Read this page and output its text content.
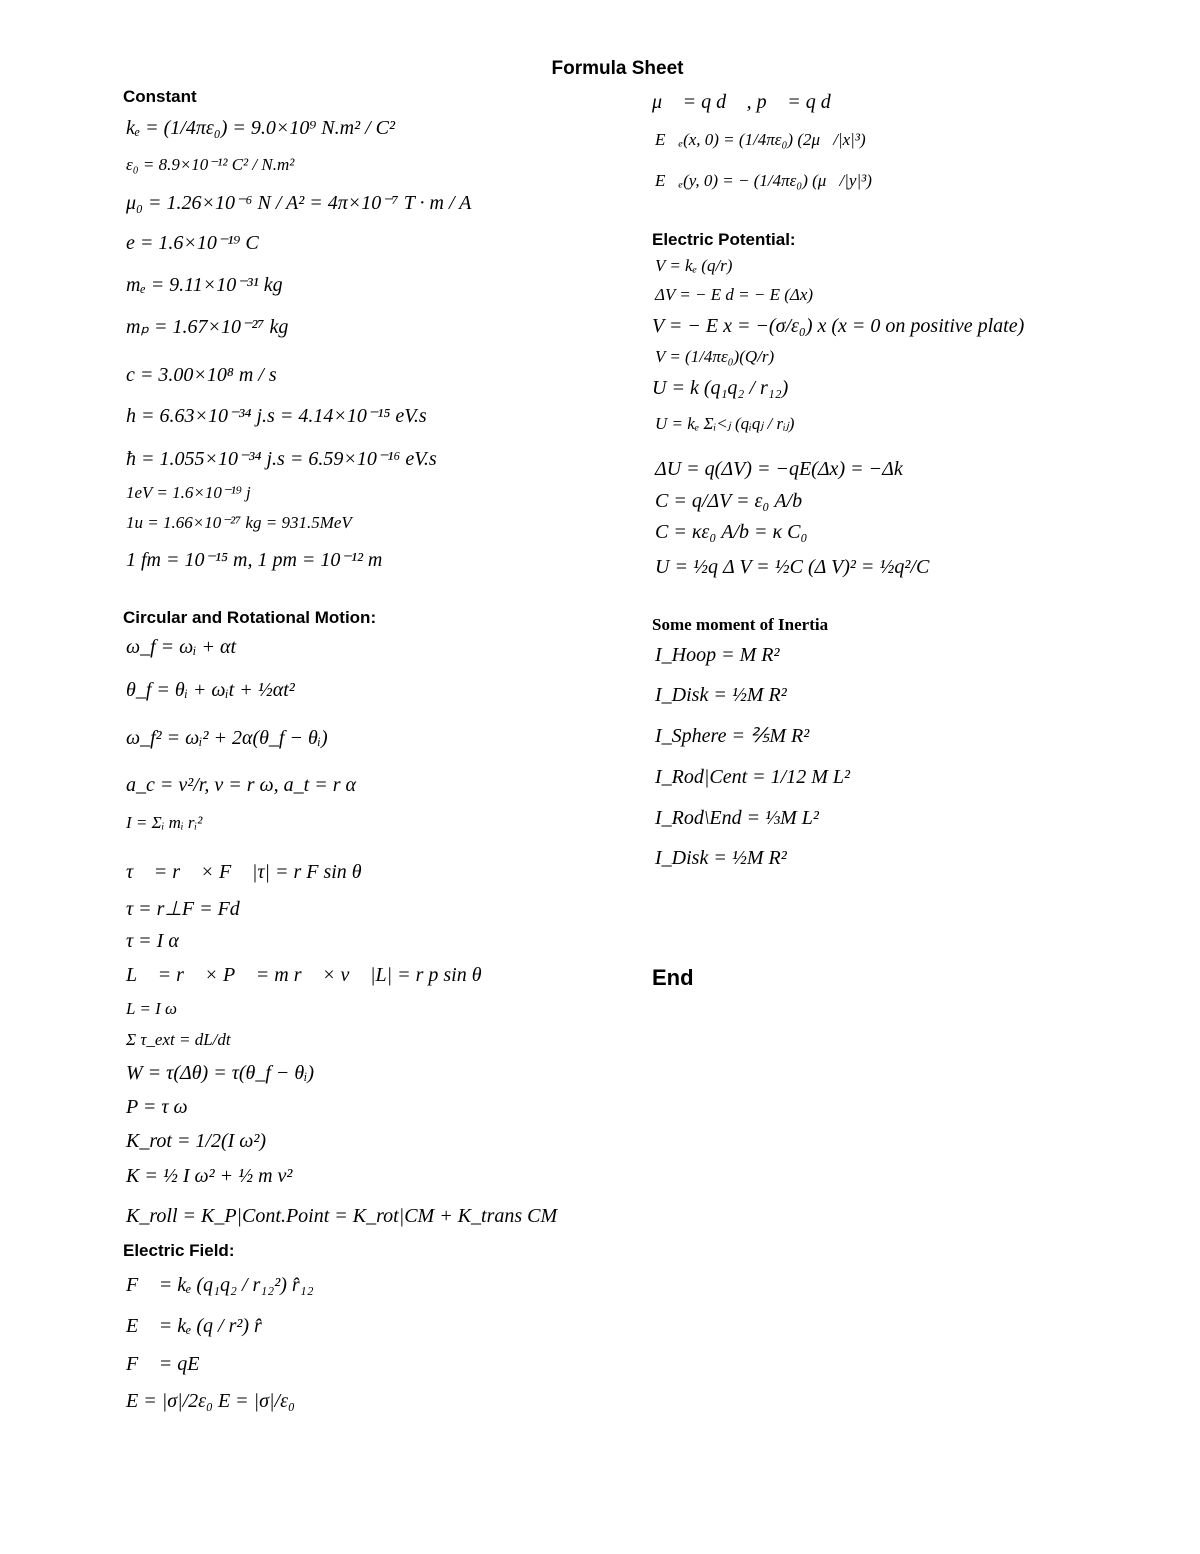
Formula Sheet
Constant
kₑ = (1/4πε₀) = 9.0×10⁹ N.m² / C²
ε₀ = 8.9×10⁻¹² C² / N.m²
μ₀ = 1.26×10⁻⁶ N / A² = 4π×10⁻⁷ T · m / A
e = 1.6×10⁻¹⁹ C
mₑ = 9.11×10⁻³¹ kg
mₚ = 1.67×10⁻²⁷ kg
c = 3.00×10⁸ m / s
h = 6.63×10⁻³⁴ j.s = 4.14×10⁻¹⁵ eV.s
ħ = 1.055×10⁻³⁴ j.s = 6.59×10⁻¹⁶ eV.s
1eV = 1.6×10⁻¹⁹ j
1u = 1.66×10⁻²⁷ kg = 931.5MeV
1 fm = 10⁻¹⁵ m, 1 pm = 10⁻¹² m
Circular and Rotational Motion:
ω_f = ωᵢ + αt
θ_f = θᵢ + ωᵢt + ½αt²
ω_f² = ωᵢ² + 2α(θ_f − θᵢ)
a_c = v²/r, v = r ω, a_t = r α
I = Σᵢ mᵢ rᵢ²
τ⃗ = r⃗ × F⃗ |τ| = r F sin θ
τ = r⊥F = Fd
τ = I α
L⃗ = r⃗ × P⃗ = m r⃗ × v⃗ |L| = r p sin θ
L = I ω
Σ τ_ext = dL/dt
W = τ(Δθ) = τ(θ_f − θᵢ)
P = τ ω
K_rot = 1/2(I ω²)
K = ½ I ω² + ½ m v²
K_roll = K_P|Cont.Point = K_rot|CM + K_trans CM
Electric Field:
F⃗ = kₑ (q₁q₂ / r₁₂²) r̂₁₂
E⃗ = kₑ (q / r²) r̂
F⃗ = qE⃗
E = |σ|/2ε₀ E = |σ|/ε₀
μ⃗ = q d⃗ , p⃗ = q d⃗
E⃗ₑ(x, 0) = (1/4πε₀) (2μ⃗/|x|³)
E⃗ₑ(y, 0) = − (1/4πε₀) (μ⃗/|y|³)
Electric Potential:
V = kₑ (q/r)
ΔV = − E d = − E (Δx)
V = − E x = −(σ/ε₀) x (x = 0 on positive plate)
V = (1/4πε₀)(Q/r)
U = k (q₁q₂ / r₁₂)
U = kₑ Σᵢ<ⱼ (qᵢqⱼ / rᵢⱼ)
ΔU = q(ΔV) = −qE(Δx) = −Δk
C = q/ΔV = ε₀ A/b
C = κε₀ A/b = κ C₀
U = ½q Δ V = ½C (Δ V)² = ½q²/C
Some moment of Inertia
I_Hoop = M R²
I_Disk = ½M R²
I_Sphere = ⅖M R²
I_Rod|Cent = 1/12 M L²
I_Rod\End = ⅓M L²
I_Disk = ½M R²
End
